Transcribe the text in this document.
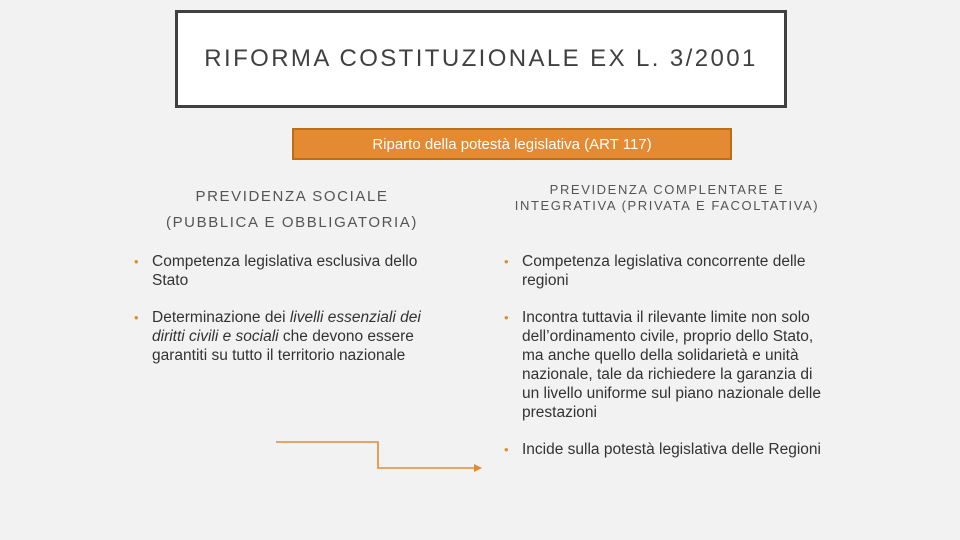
RIFORMA COSTITUZIONALE EX L. 3/2001
Riparto della potestà legislativa (ART 117)
PREVIDENZA SOCIALE
(PUBBLICA E OBBLIGATORIA)
PREVIDENZA COMPLENTARE E INTEGRATIVA (PRIVATA E FACOLTATIVA)
• Competenza legislativa esclusiva dello Stato
• Determinazione dei livelli essenziali dei diritti civili e sociali che devono essere garantiti su tutto il territorio nazionale
• Competenza legislativa concorrente delle regioni
• Incontra tuttavia il rilevante limite non solo dell’ordinamento civile, proprio dello Stato, ma anche quello della solidarietà e unità nazionale, tale da richiedere la garanzia di un livello uniforme sul piano nazionale delle prestazioni
• Incide sulla potestà legislativa delle Regioni
